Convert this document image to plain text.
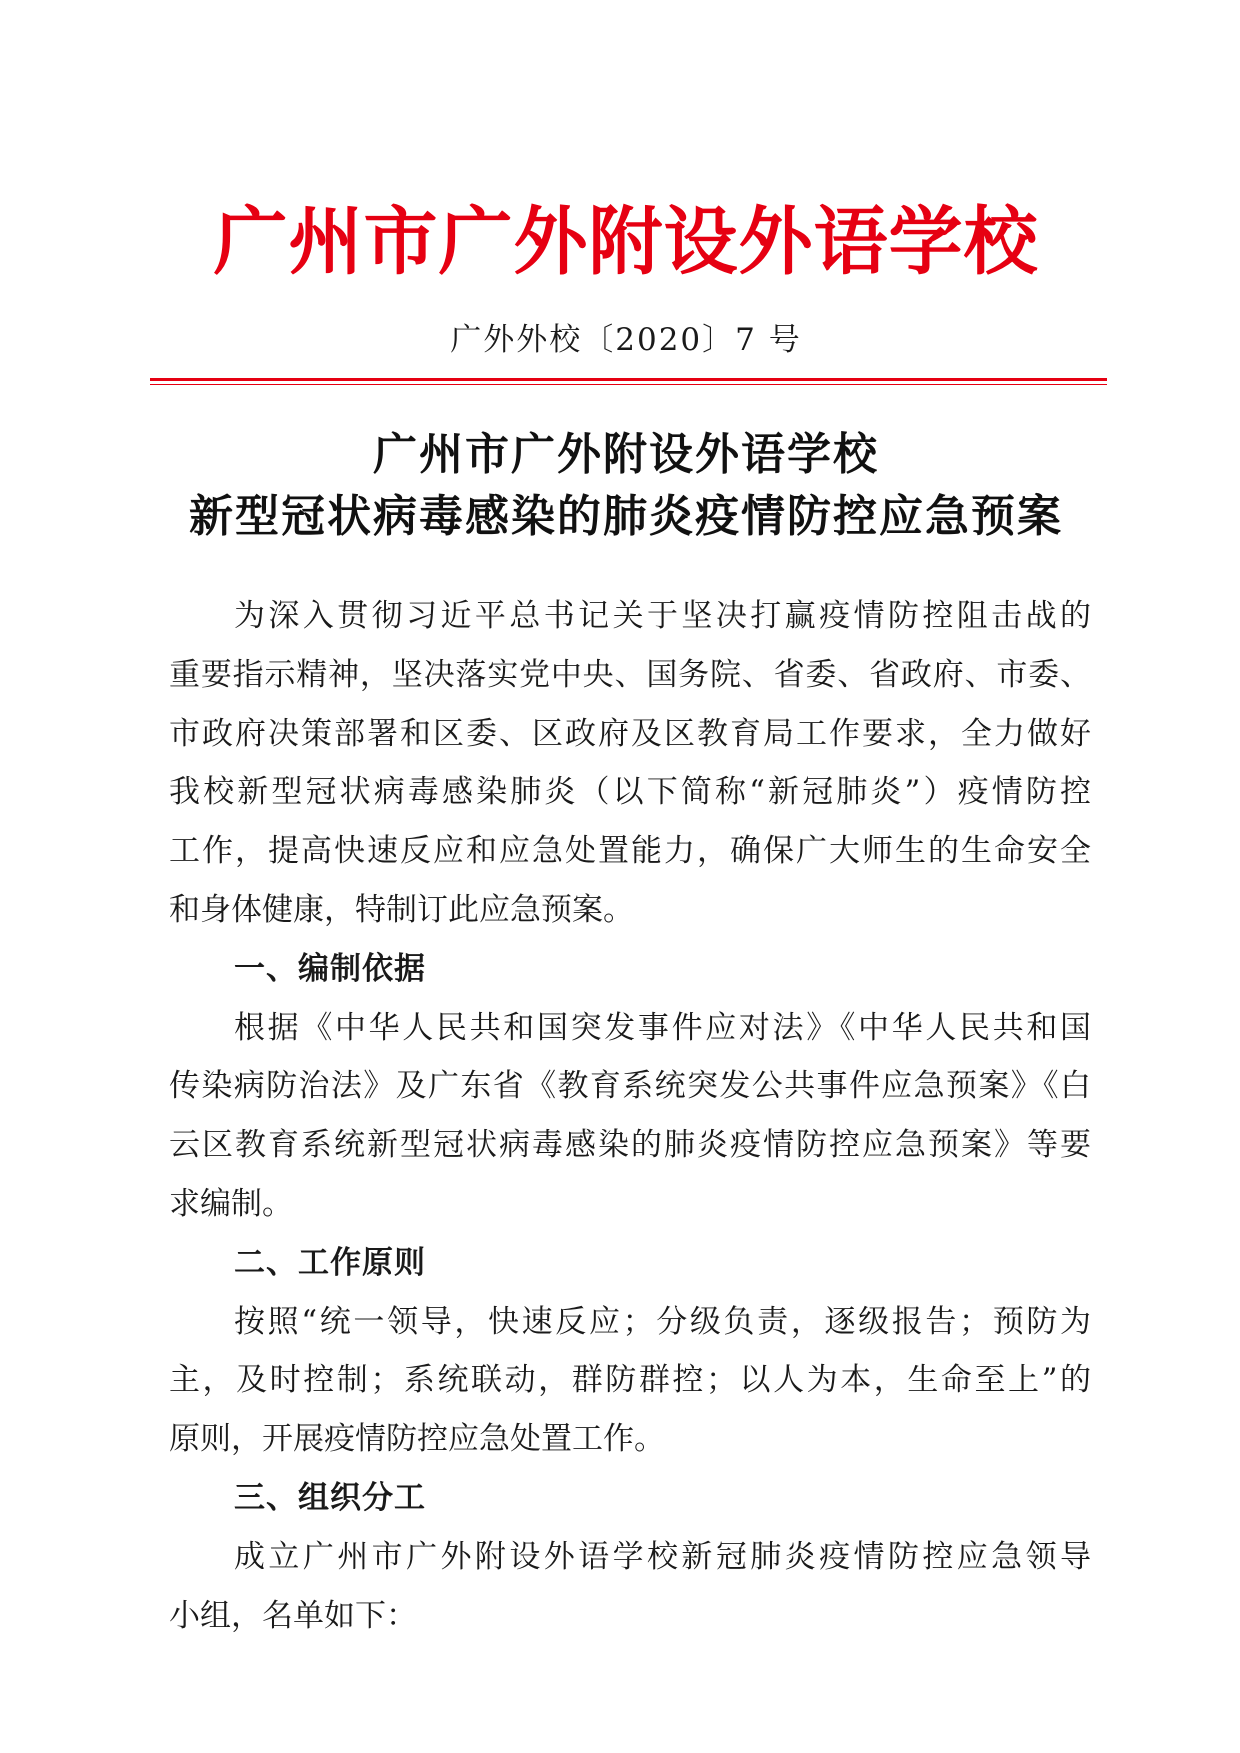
广州市广外附设外语学校
广外外校〔2020〕7 号
广州市广外附设外语学校
新型冠状病毒感染的肺炎疫情防控应急预案
为深入贯彻习近平总书记关于坚决打赢疫情防控阻击战的
重要指示精神，坚决落实党中央、国务院、省委、省政府、市委、
市政府决策部署和区委、区政府及区教育局工作要求，全力做好
我校新型冠状病毒感染肺炎（以下简称“新冠肺炎”）疫情防控
工作，提高快速反应和应急处置能力，确保广大师生的生命安全
和身体健康，特制订此应急预案。
一、编制依据
根据《中华人民共和国突发事件应对法》《中华人民共和国
传染病防治法》及广东省《教育系统突发公共事件应急预案》《白
云区教育系统新型冠状病毒感染的肺炎疫情防控应急预案》等要
求编制。
二、工作原则
按照“统一领导，快速反应；分级负责，逐级报告；预防为
主，及时控制；系统联动，群防群控；以人为本，生命至上”的
原则，开展疫情防控应急处置工作。
三、组织分工
成立广州市广外附设外语学校新冠肺炎疫情防控应急领导
小组，名单如下：
